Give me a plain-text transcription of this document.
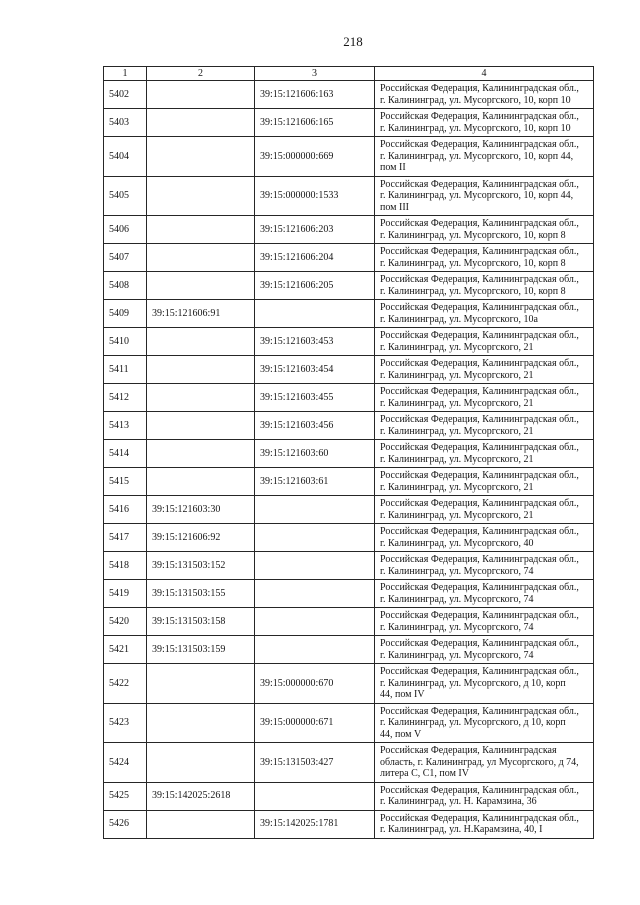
218
1	2	3	4
5402		39:15:121606:163	Российская Федерация, Калининградская обл.,
г. Калининград, ул. Мусоргского, 10, корп 10
5403		39:15:121606:165	Российская Федерация, Калининградская обл.,
г. Калининград, ул. Мусоргского, 10, корп 10
5404		39:15:000000:669	Российская Федерация, Калининградская обл.,
г. Калининград, ул. Мусоргского, 10, корп 44,
пом II
5405		39:15:000000:1533	Российская Федерация, Калининградская обл.,
г. Калининград, ул. Мусоргского, 10, корп 44,
пом III
5406		39:15:121606:203	Российская Федерация, Калининградская обл.,
г. Калининград, ул. Мусоргского, 10, корп 8
5407		39:15:121606:204	Российская Федерация, Калининградская обл.,
г. Калининград, ул. Мусоргского, 10, корп 8
5408		39:15:121606:205	Российская Федерация, Калининградская обл.,
г. Калининград, ул. Мусоргского, 10, корп 8
5409	39:15:121606:91		Российская Федерация, Калининградская обл.,
г. Калининград, ул. Мусоргского, 10а
5410		39:15:121603:453	Российская Федерация, Калининградская обл.,
г. Калининград, ул. Мусоргского, 21
5411		39:15:121603:454	Российская Федерация, Калининградская обл.,
г. Калининград, ул. Мусоргского, 21
5412		39:15:121603:455	Российская Федерация, Калининградская обл.,
г. Калининград, ул. Мусоргского, 21
5413		39:15:121603:456	Российская Федерация, Калининградская обл.,
г. Калининград, ул. Мусоргского, 21
5414		39:15:121603:60	Российская Федерация, Калининградская обл.,
г. Калининград, ул. Мусоргского, 21
5415		39:15:121603:61	Российская Федерация, Калининградская обл.,
г. Калининград, ул. Мусоргского, 21
5416	39:15:121603:30		Российская Федерация, Калининградская обл.,
г. Калининград, ул. Мусоргского, 21
5417	39:15:121606:92		Российская Федерация, Калининградская обл.,
г. Калининград, ул. Мусоргского, 40
5418	39:15:131503:152		Российская Федерация, Калининградская обл.,
г. Калининград, ул. Мусоргского, 74
5419	39:15:131503:155		Российская Федерация, Калининградская обл.,
г. Калининград, ул. Мусоргского, 74
5420	39:15:131503:158		Российская Федерация, Калининградская обл.,
г. Калининград, ул. Мусоргского, 74
5421	39:15:131503:159		Российская Федерация, Калининградская обл.,
г. Калининград, ул. Мусоргского, 74
5422		39:15:000000:670	Российская Федерация, Калининградская обл.,
г. Калининград, ул. Мусоргского, д 10, корп
44, пом IV
5423		39:15:000000:671	Российская Федерация, Калининградская обл.,
г. Калининград, ул. Мусоргского, д 10, корп
44, пом V
5424		39:15:131503:427	Российская Федерация, Калининградская
область, г. Калининград, ул Мусоргского, д 74,
литера С, С1, пом IV
5425	39:15:142025:2618		Российская Федерация, Калининградская обл.,
г. Калининград, ул. Н. Карамзина, 36
5426		39:15:142025:1781	Российская Федерация, Калининградская обл.,
г. Калининград, ул. Н.Карамзина, 40, I
